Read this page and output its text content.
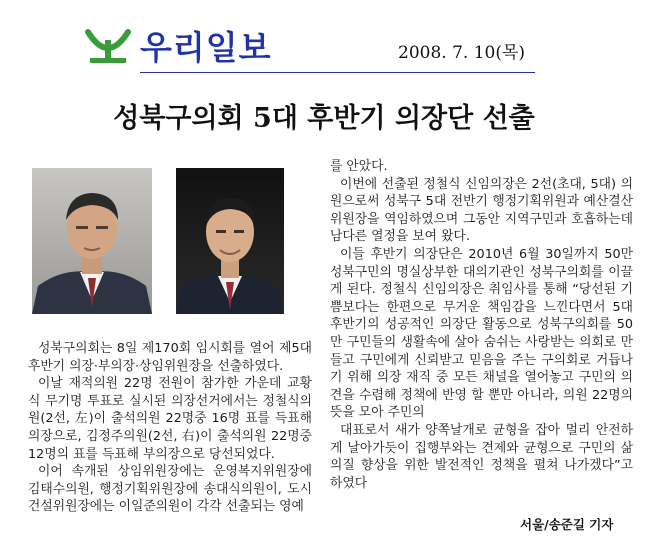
우리일보	2008. 7. 10(목)
성북구의회 5대 후반기 의장단 선출

성북구의회는 8일 제170회 임시회를 열어 제5대 후반기 의장·부의장·상임위원장을 선출하였다.

이날 재적의원 22명 전원이 참가한 가운데 교황식 무기명 투표로 실시된 의장선거에서는 정철식의원(2선, 左)이 출석의원 22명중 16명 표를 득표해 의장으로, 김정주의원(2선, 右)이 출석의원 22명중 12명의 표를 득표해 부의장으로 당선되었다.

이어 속개된 상임위원장에는 운영복지위원장에 김태수의원, 행정기획위원장에 송대식의원이, 도시건설위원장에는 이일준의원이 각각 선출되는 영예

를 안았다.

이번에 선출된 정철식 신임의장은 2선(초대, 5대) 의원으로써 성북구 5대 전반기 행정기획위원과 예산결산위원장을 역임하였으며 그동안 지역구민과 호흡하는데 남다른 열정을 보여 왔다.

이들 후반기 의장단은 2010년 6월 30일까지 50만 성북구민의 명실상부한 대의기관인 성북구의회를 이끌게 된다. 정철식 신임의장은 취임사를 통해 “당선된 기쁨보다는 한편으로 무거운 책임감을 느낀다면서 5대 후반기의 성공적인 의장단 활동으로 성북구의회를 50만 구민들의 생활속에 살아 숨쉬는 사랑받는 의회로 만들고 구민에게 신뢰받고 믿음을 주는 구의회로 거듭나기 위해 의장 재직 중 모든 채널을 열어놓고 구민의 의견을 수렴해 정책에 반영 할 뿐만 아니라, 의원 22명의 뜻을 모아 주민의

대표로서 새가 양쪽날개로 균형을 잡아 멀리 안전하게 날아가듯이 집행부와는 견제와 균형으로 구민의 삶의질 향상을 위한 발전적인 정책을 펼쳐 나가겠다”고 하였다

서울/송준길 기자
